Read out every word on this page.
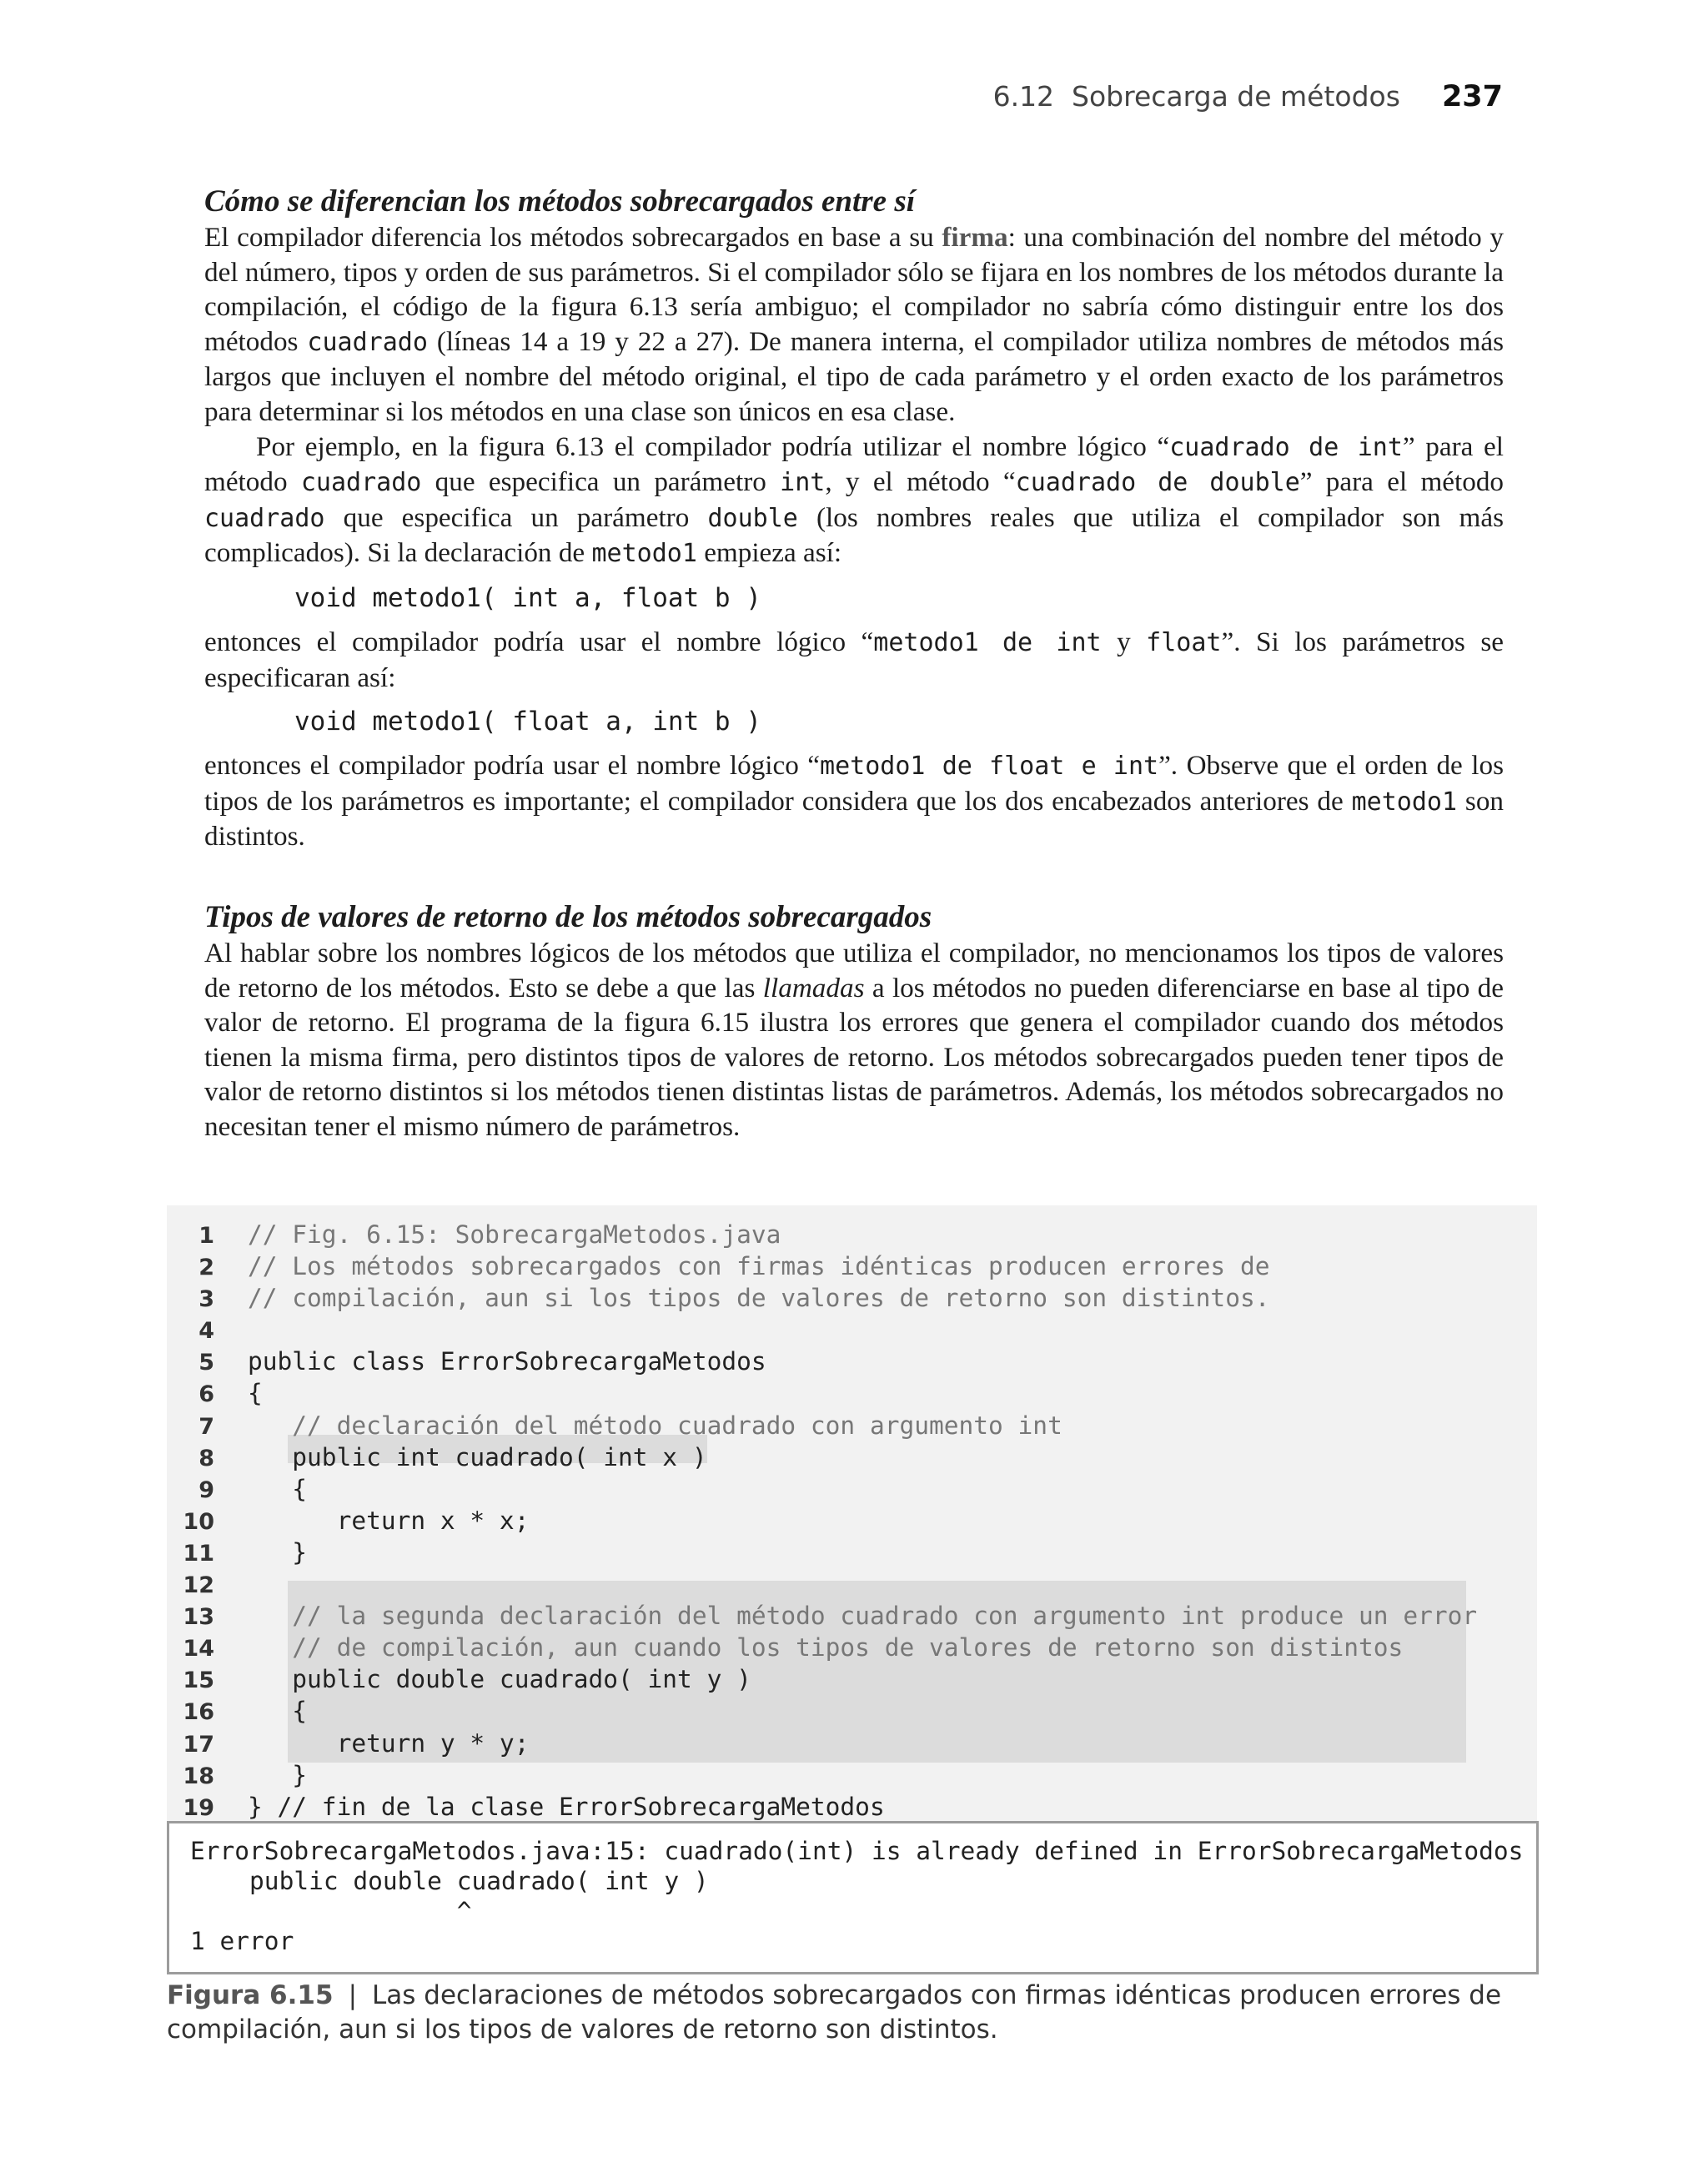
6.12  Sobrecarga de métodos 237
Cómo se diferencian los métodos sobrecargados entre sí

El compilador diferencia los métodos sobrecargados en base a su firma: una combinación del nombre del método y del número, tipos y orden de sus parámetros. Si el compilador sólo se fijara en los nombres de los métodos durante la compilación, el código de la figura 6.13 sería ambiguo; el compilador no sabría cómo distinguir entre los dos métodos cuadrado (líneas 14 a 19 y 22 a 27). De manera interna, el compilador utiliza nombres de métodos más largos que incluyen el nombre del método original, el tipo de cada parámetro y el orden exacto de los parámetros para determinar si los métodos en una clase son únicos en esa clase.

Por ejemplo, en la figura 6.13 el compilador podría utilizar el nombre lógico “cuadrado de int” para el método cuadrado que especifica un parámetro int, y el método “cuadrado de double” para el método cuadrado que especifica un parámetro double (los nombres reales que utiliza el compilador son más complicados). Si la declaración de metodo1 empieza así:

void metodo1( int a, float b )

entonces el compilador podría usar el nombre lógico “metodo1 de int y float”. Si los parámetros se especificaran así:

void metodo1( float a, int b )

entonces el compilador podría usar el nombre lógico “metodo1 de float e int”. Observe que el orden de los tipos de los parámetros es importante; el compilador considera que los dos encabezados anteriores de metodo1 son distintos.

Tipos de valores de retorno de los métodos sobrecargados

Al hablar sobre los nombres lógicos de los métodos que utiliza el compilador, no mencionamos los tipos de valores de retorno de los métodos. Esto se debe a que las llamadas a los métodos no pueden diferenciarse en base al tipo de valor de retorno. El programa de la figura 6.15 ilustra los errores que genera el compilador cuando dos métodos tienen la misma firma, pero distintos tipos de valores de retorno. Los métodos sobrecargados pueden tener tipos de valor de retorno distintos si los métodos tienen distintas listas de parámetros. Además, los métodos sobrecargados no necesitan tener el mismo número de parámetros.

1 // Fig. 6.15: SobrecargaMetodos.java
2 // Los métodos sobrecargados con firmas idénticas producen errores de
3 // compilación, aun si los tipos de valores de retorno son distintos.
4
5 public class ErrorSobrecargaMetodos
6 {
7   // declaración del método cuadrado con argumento int
8   public int cuadrado( int x )
9   {
10      return x * x;
11   }
12
13   // la segunda declaración del método cuadrado con argumento int produce un error
14   // de compilación, aun cuando los tipos de valores de retorno son distintos
15   public double cuadrado( int y )
16   {
17      return y * y;
18   }
19 } // fin de la clase ErrorSobrecargaMetodos
ErrorSobrecargaMetodos.java:15: cuadrado(int) is already defined in ErrorSobrecargaMetodos
public double cuadrado( int y )
^
1 error
Figura 6.15 | Las declaraciones de métodos sobrecargados con firmas idénticas producen errores de compilación, aun si los tipos de valores de retorno son distintos.
